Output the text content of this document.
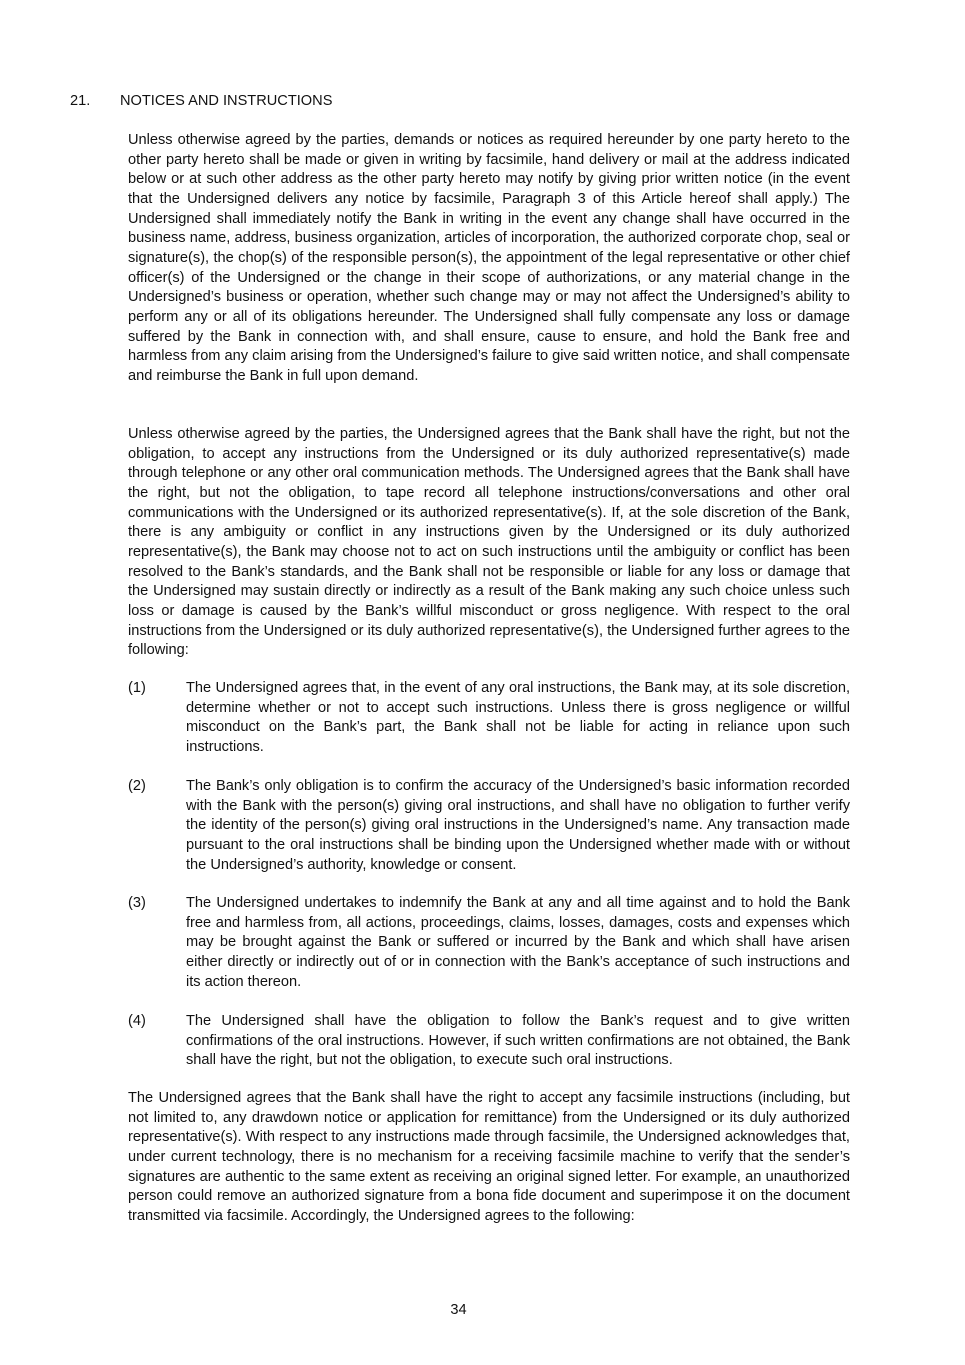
21. NOTICES AND INSTRUCTIONS
Unless otherwise agreed by the parties, demands or notices as required hereunder by one party hereto to the other party hereto shall be made or given in writing by facsimile, hand delivery or mail at the address indicated below or at such other address as the other party hereto may notify by giving prior written notice (in the event that the Undersigned delivers any notice by facsimile, Paragraph 3 of this Article hereof shall apply.) The Undersigned shall immediately notify the Bank in writing in the event any change shall have occurred in the business name, address, business organization, articles of incorporation, the authorized corporate chop, seal or signature(s), the chop(s) of the responsible person(s), the appointment of the legal representative or other chief officer(s) of the Undersigned or the change in their scope of authorizations, or any material change in the Undersigned’s business or operation, whether such change may or may not affect the Undersigned’s ability to perform any or all of its obligations hereunder. The Undersigned shall fully compensate any loss or damage suffered by the Bank in connection with, and shall ensure, cause to ensure, and hold the Bank free and harmless from any claim arising from the Undersigned’s failure to give said written notice, and shall compensate and reimburse the Bank in full upon demand.
Unless otherwise agreed by the parties, the Undersigned agrees that the Bank shall have the right, but not the obligation, to accept any instructions from the Undersigned or its duly authorized representative(s) made through telephone or any other oral communication methods. The Undersigned agrees that the Bank shall have the right, but not the obligation, to tape record all telephone instructions/conversations and other oral communications with the Undersigned or its authorized representative(s). If, at the sole discretion of the Bank, there is any ambiguity or conflict in any instructions given by the Undersigned or its duly authorized representative(s), the Bank may choose not to act on such instructions until the ambiguity or conflict has been resolved to the Bank’s standards, and the Bank shall not be responsible or liable for any loss or damage that the Undersigned may sustain directly or indirectly as a result of the Bank making any such choice unless such loss or damage is caused by the Bank’s willful misconduct or gross negligence. With respect to the oral instructions from the Undersigned or its duly authorized representative(s), the Undersigned further agrees to the following:
(1)	The Undersigned agrees that, in the event of any oral instructions, the Bank may, at its sole discretion, determine whether or not to accept such instructions. Unless there is gross negligence or willful misconduct on the Bank’s part, the Bank shall not be liable for acting in reliance upon such instructions.
(2)	The Bank’s only obligation is to confirm the accuracy of the Undersigned’s basic information recorded with the Bank with the person(s) giving oral instructions, and shall have no obligation to further verify the identity of the person(s) giving oral instructions in the Undersigned’s name. Any transaction made pursuant to the oral instructions shall be binding upon the Undersigned whether made with or without the Undersigned’s authority, knowledge or consent.
(3)	The Undersigned undertakes to indemnify the Bank at any and all time against and to hold the Bank free and harmless from, all actions, proceedings, claims, losses, damages, costs and expenses which may be brought against the Bank or suffered or incurred by the Bank and which shall have arisen either directly or indirectly out of or in connection with the Bank’s acceptance of such instructions and its action thereon.
(4)	The Undersigned shall have the obligation to follow the Bank’s request and to give written confirmations of the oral instructions. However, if such written confirmations are not obtained, the Bank shall have the right, but not the obligation, to execute such oral instructions.
The Undersigned agrees that the Bank shall have the right to accept any facsimile instructions (including, but not limited to, any drawdown notice or application for remittance) from the Undersigned or its duly authorized representative(s). With respect to any instructions made through facsimile, the Undersigned acknowledges that, under current technology, there is no mechanism for a receiving facsimile machine to verify that the sender’s signatures are authentic to the same extent as receiving an original signed letter. For example, an unauthorized person could remove an authorized signature from a bona fide document and superimpose it on the document transmitted via facsimile. Accordingly, the Undersigned agrees to the following:
34
